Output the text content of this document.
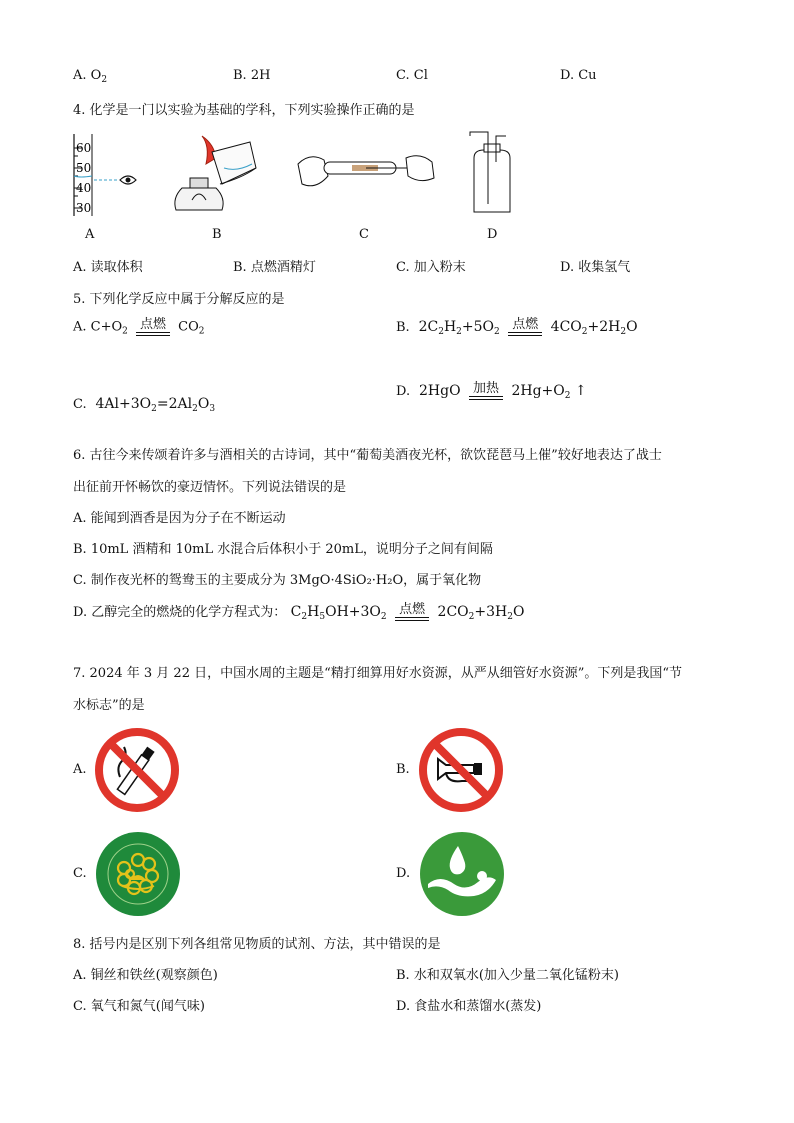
A. $O_2$	B. 2H	C. Cl	D. Cu
4. 化学是一门以实验为基础的学科，下列实验操作正确的是
60
50
40
30
A	B	C	D
A. 读取体积	B. 点燃酒精灯	C. 加入粉末	D. 收集氢气
5. 下列化学反应中属于分解反应的是
A. $C+O_2$ 点燃 $CO_2$	B. $2C_2H_2+5O_2$ 点燃 $4CO_2+2H_2O$
C.  $4Al+3O_2=2Al_2O_3$
D.  2HgO 加热 $2Hg+O_2$ ↑
6. 古往今来传颂着许多与酒相关的古诗词，其中“葡萄美酒夜光杯，欲饮琵琶马上催”较好地表达了战士
出征前开怀畅饮的豪迈情怀。下列说法错误的是
A. 能闻到酒香是因为分子在不断运动
B. 10mL 酒精和 10mL 水混合后体积小于 20mL，说明分子之间有间隔
C. 制作夜光杯的鸳鸯玉的主要成分为 3MgO·4SiO₂·H₂O，属于氧化物
D. 乙醇完全的燃烧的化学方程式为： $C_2H_5OH+3O_2$ 点燃 $2CO_2+3H_2O$
7. 2024 年 3 月 22 日，中国水周的主题是“精打细算用好水资源，从严从细管好水资源”。下列是我国“节
水标志”的是
A.	B.
C.	D.
8. 括号内是区别下列各组常见物质的试剂、方法，其中错误的是
A. 铜丝和铁丝(观察颜色)	B. 水和双氧水(加入少量二氧化锰粉末)
C. 氧气和氮气(闻气味)	D. 食盐水和蒸馏水(蒸发)
